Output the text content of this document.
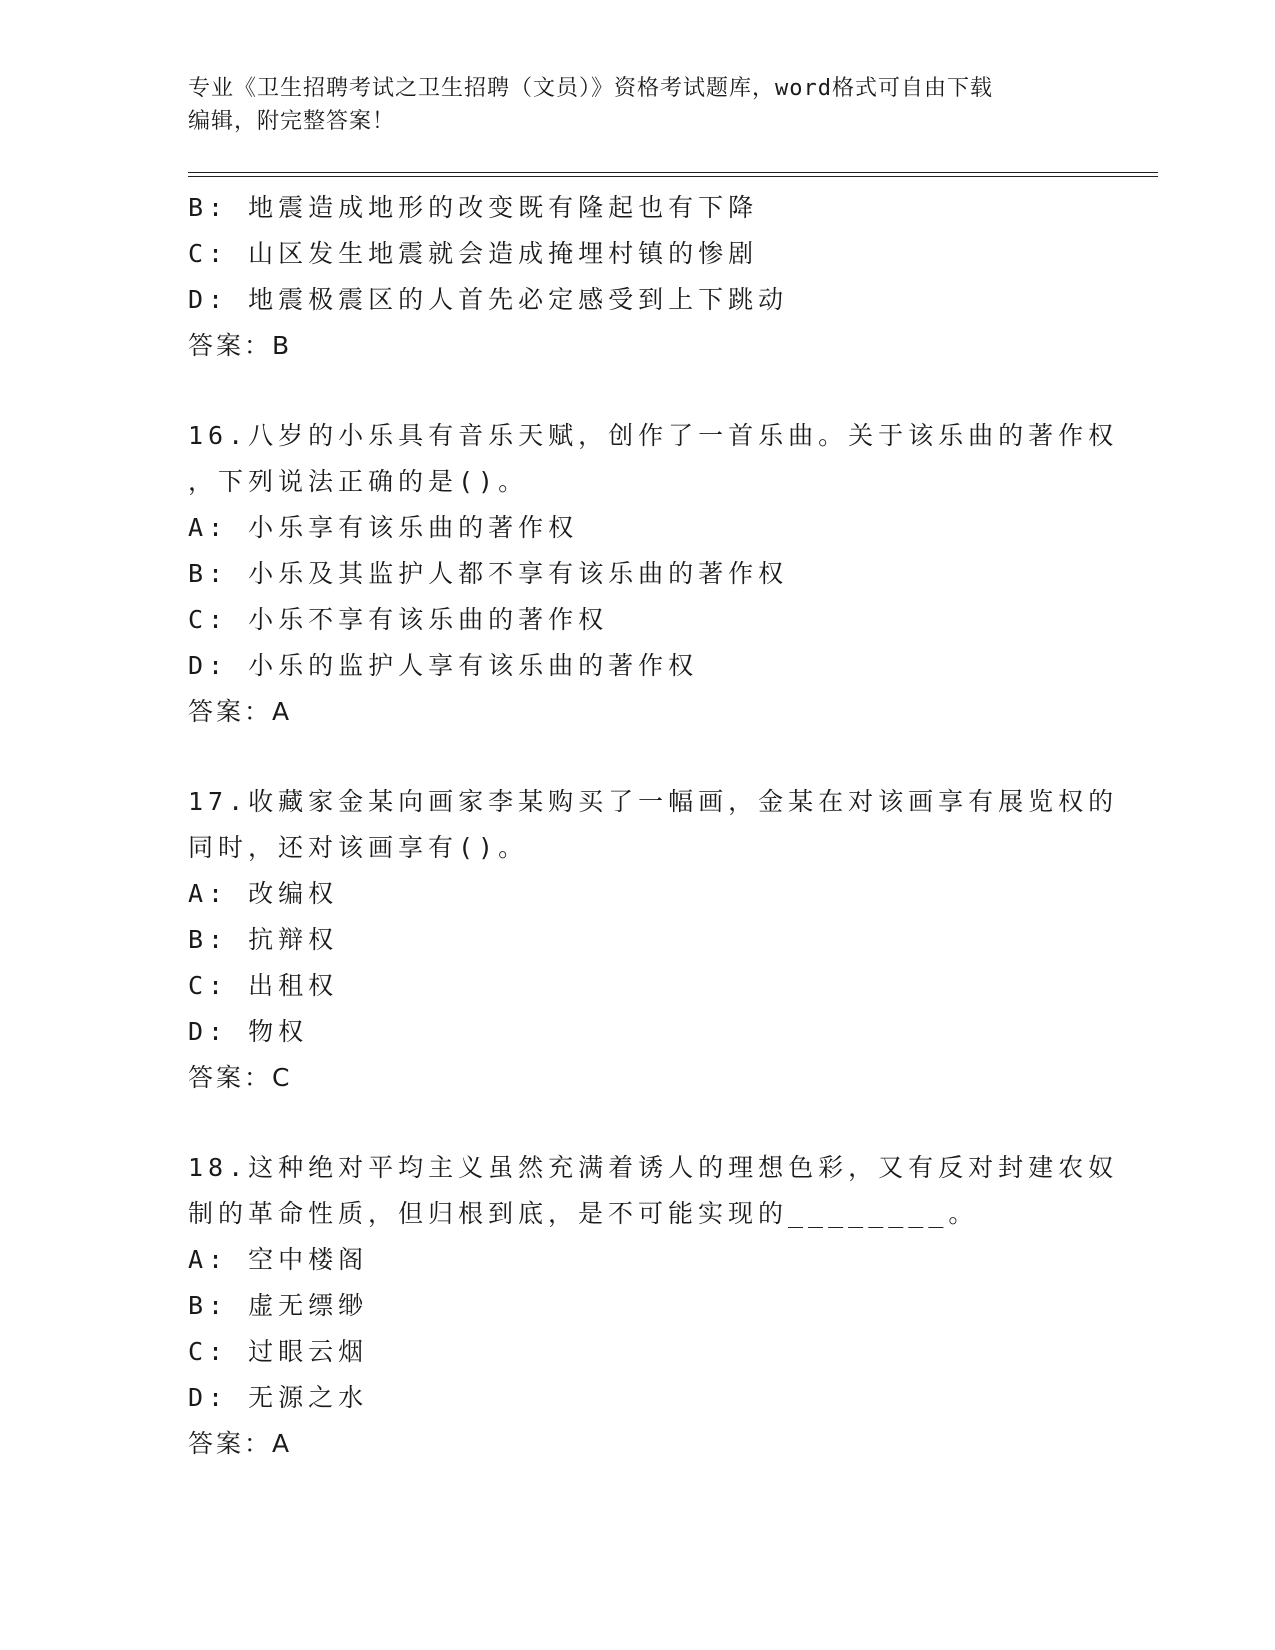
专业《卫生招聘考试之卫生招聘（文员）》资格考试题库，word格式可自由下载
编辑，附完整答案！
B: 地震造成地形的改变既有隆起也有下降
C: 山区发生地震就会造成掩埋村镇的惨剧
D: 地震极震区的人首先必定感受到上下跳动
答案：B
16.八岁的小乐具有音乐天赋，创作了一首乐曲。关于该乐曲的著作权
，下列说法正确的是()。
A: 小乐享有该乐曲的著作权
B: 小乐及其监护人都不享有该乐曲的著作权
C: 小乐不享有该乐曲的著作权
D: 小乐的监护人享有该乐曲的著作权
答案：A
17.收藏家金某向画家李某购买了一幅画，金某在对该画享有展览权的
同时，还对该画享有()。
A: 改编权
B: 抗辩权
C: 出租权
D: 物权
答案：C
18.这种绝对平均主义虽然充满着诱人的理想色彩，又有反对封建农奴
制的革命性质，但归根到底，是不可能实现的________。
A: 空中楼阁
B: 虚无缥缈
C: 过眼云烟
D: 无源之水
答案：A
